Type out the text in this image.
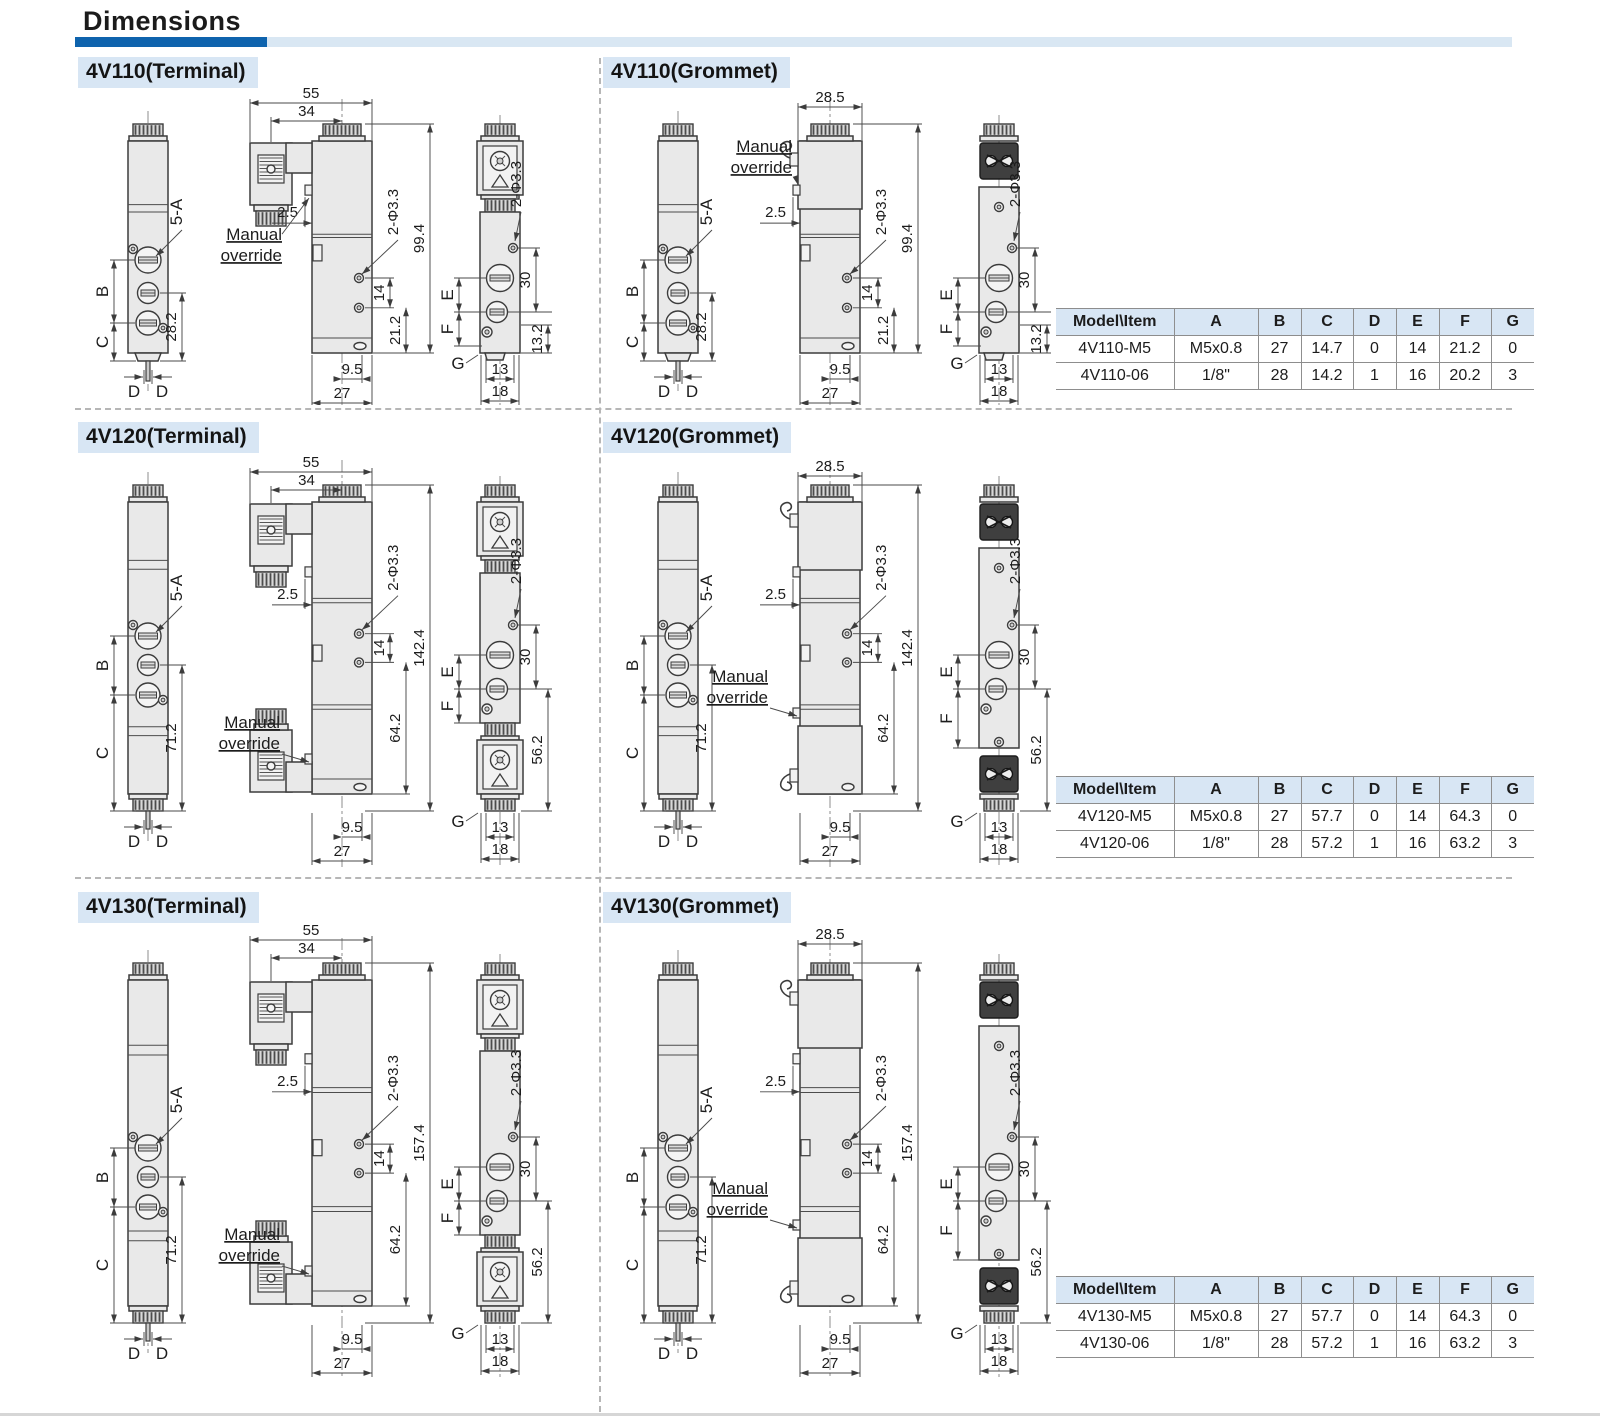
Dimensions
4V110(Terminal)	4V110(Grommet)
4V120(Terminal)	4V120(Grommet)
4V130(Terminal)	4V130(Grommet)
D D
5-A
B
C
28.2
2.5
Manual
override
2-Φ3.3
14
21.2
99.4
55
34
9.5
27
2-Φ3.3
E
F
G
30
13.2
13
18	D D
5-A
B
C
28.2
2.5
Manual
override
2-Φ3.3
14
21.2
99.4
28.5
9.5
27
2-Φ3.3
E
F
G
30
13.2
13
18
D D
5-A
B
C
71.2
2.5
Manual
override
2-Φ3.3
14
64.2
142.4
55
34
9.5
27
2-Φ3.3
E
F
G
30
56.2
13
18	D D
5-A
B
C
71.2
2.5
Manual
override
2-Φ3.3
14
64.2
142.4
28.5
9.5
27
2-Φ3.3
E
F
G
30
56.2
13
18
D D
5-A
B
C
71.2
2.5
Manual
override
2-Φ3.3
14
64.2
157.4
55
34
9.5
27
2-Φ3.3
E
F
G
30
56.2
13
18	D D
5-A
B
C
71.2
2.5
Manual
override
2-Φ3.3
14
64.2
157.4
28.5
9.5
27
2-Φ3.3
E
F
G
30
56.2
13
18
Model\Item	A	B	C	D	E	F	G
4V110-M5	M5x0.8	27	14.7	0	14	21.2	0
4V110-06	1/8"	28	14.2	1	16	20.2	3
Model\Item	A	B	C	D	E	F	G
4V120-M5	M5x0.8	27	57.7	0	14	64.3	0
4V120-06	1/8"	28	57.2	1	16	63.2	3
Model\Item	A	B	C	D	E	F	G
4V130-M5	M5x0.8	27	57.7	0	14	64.3	0
4V130-06	1/8"	28	57.2	1	16	63.2	3
